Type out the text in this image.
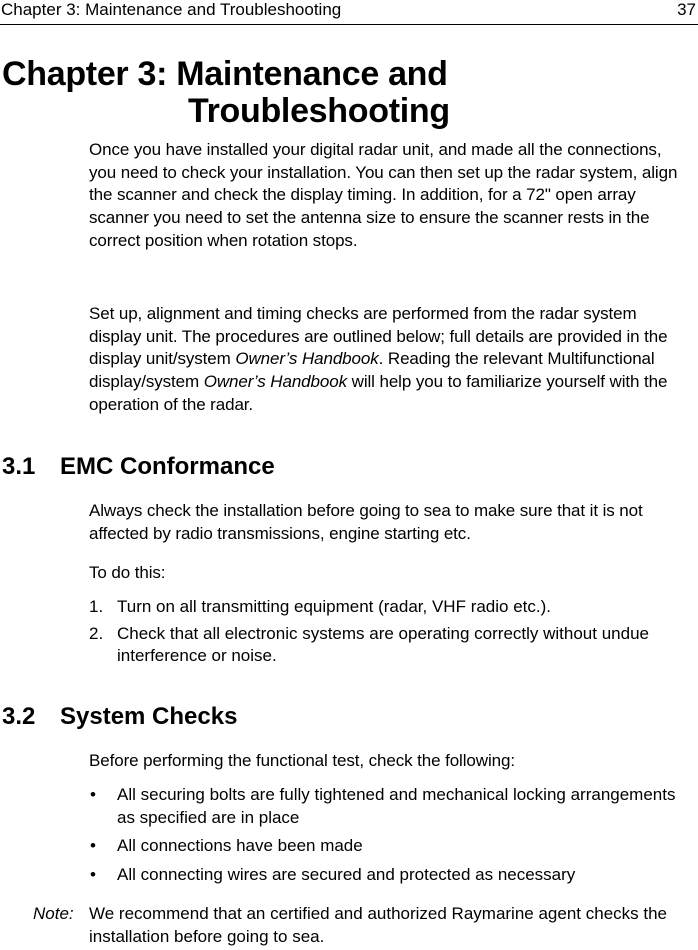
Chapter 3: Maintenance and Troubleshooting	37
Chapter 3: Maintenance and
Troubleshooting

Once you have installed your digital radar unit, and made all the connections, you need to check your installation. You can then set up the radar system, align the scanner and check the display timing. In addition, for a 72" open array scanner you need to set the antenna size to ensure the scanner rests in the correct position when rotation stops.

Set up, alignment and timing checks are performed from the radar system display unit. The procedures are outlined below; full details are provided in the display unit/system Owner’s Handbook. Reading the relevant Multifunctional display/system Owner’s Handbook will help you to familiarize yourself with the operation of the radar.

3.1 EMC Conformance

Always check the installation before going to sea to make sure that it is not affected by radio transmissions, engine starting etc.

To do this:

1. Turn on all transmitting equipment (radar, VHF radio etc.).
2. Check that all electronic systems are operating correctly without undue interference or noise.
3.2 System Checks

Before performing the functional test, check the following:

• All securing bolts are fully tightened and mechanical locking arrangements as specified are in place
• All connections have been made
• All connecting wires are secured and protected as necessary
Note: We recommend that an certified and authorized Raymarine agent checks the installation before going to sea.
